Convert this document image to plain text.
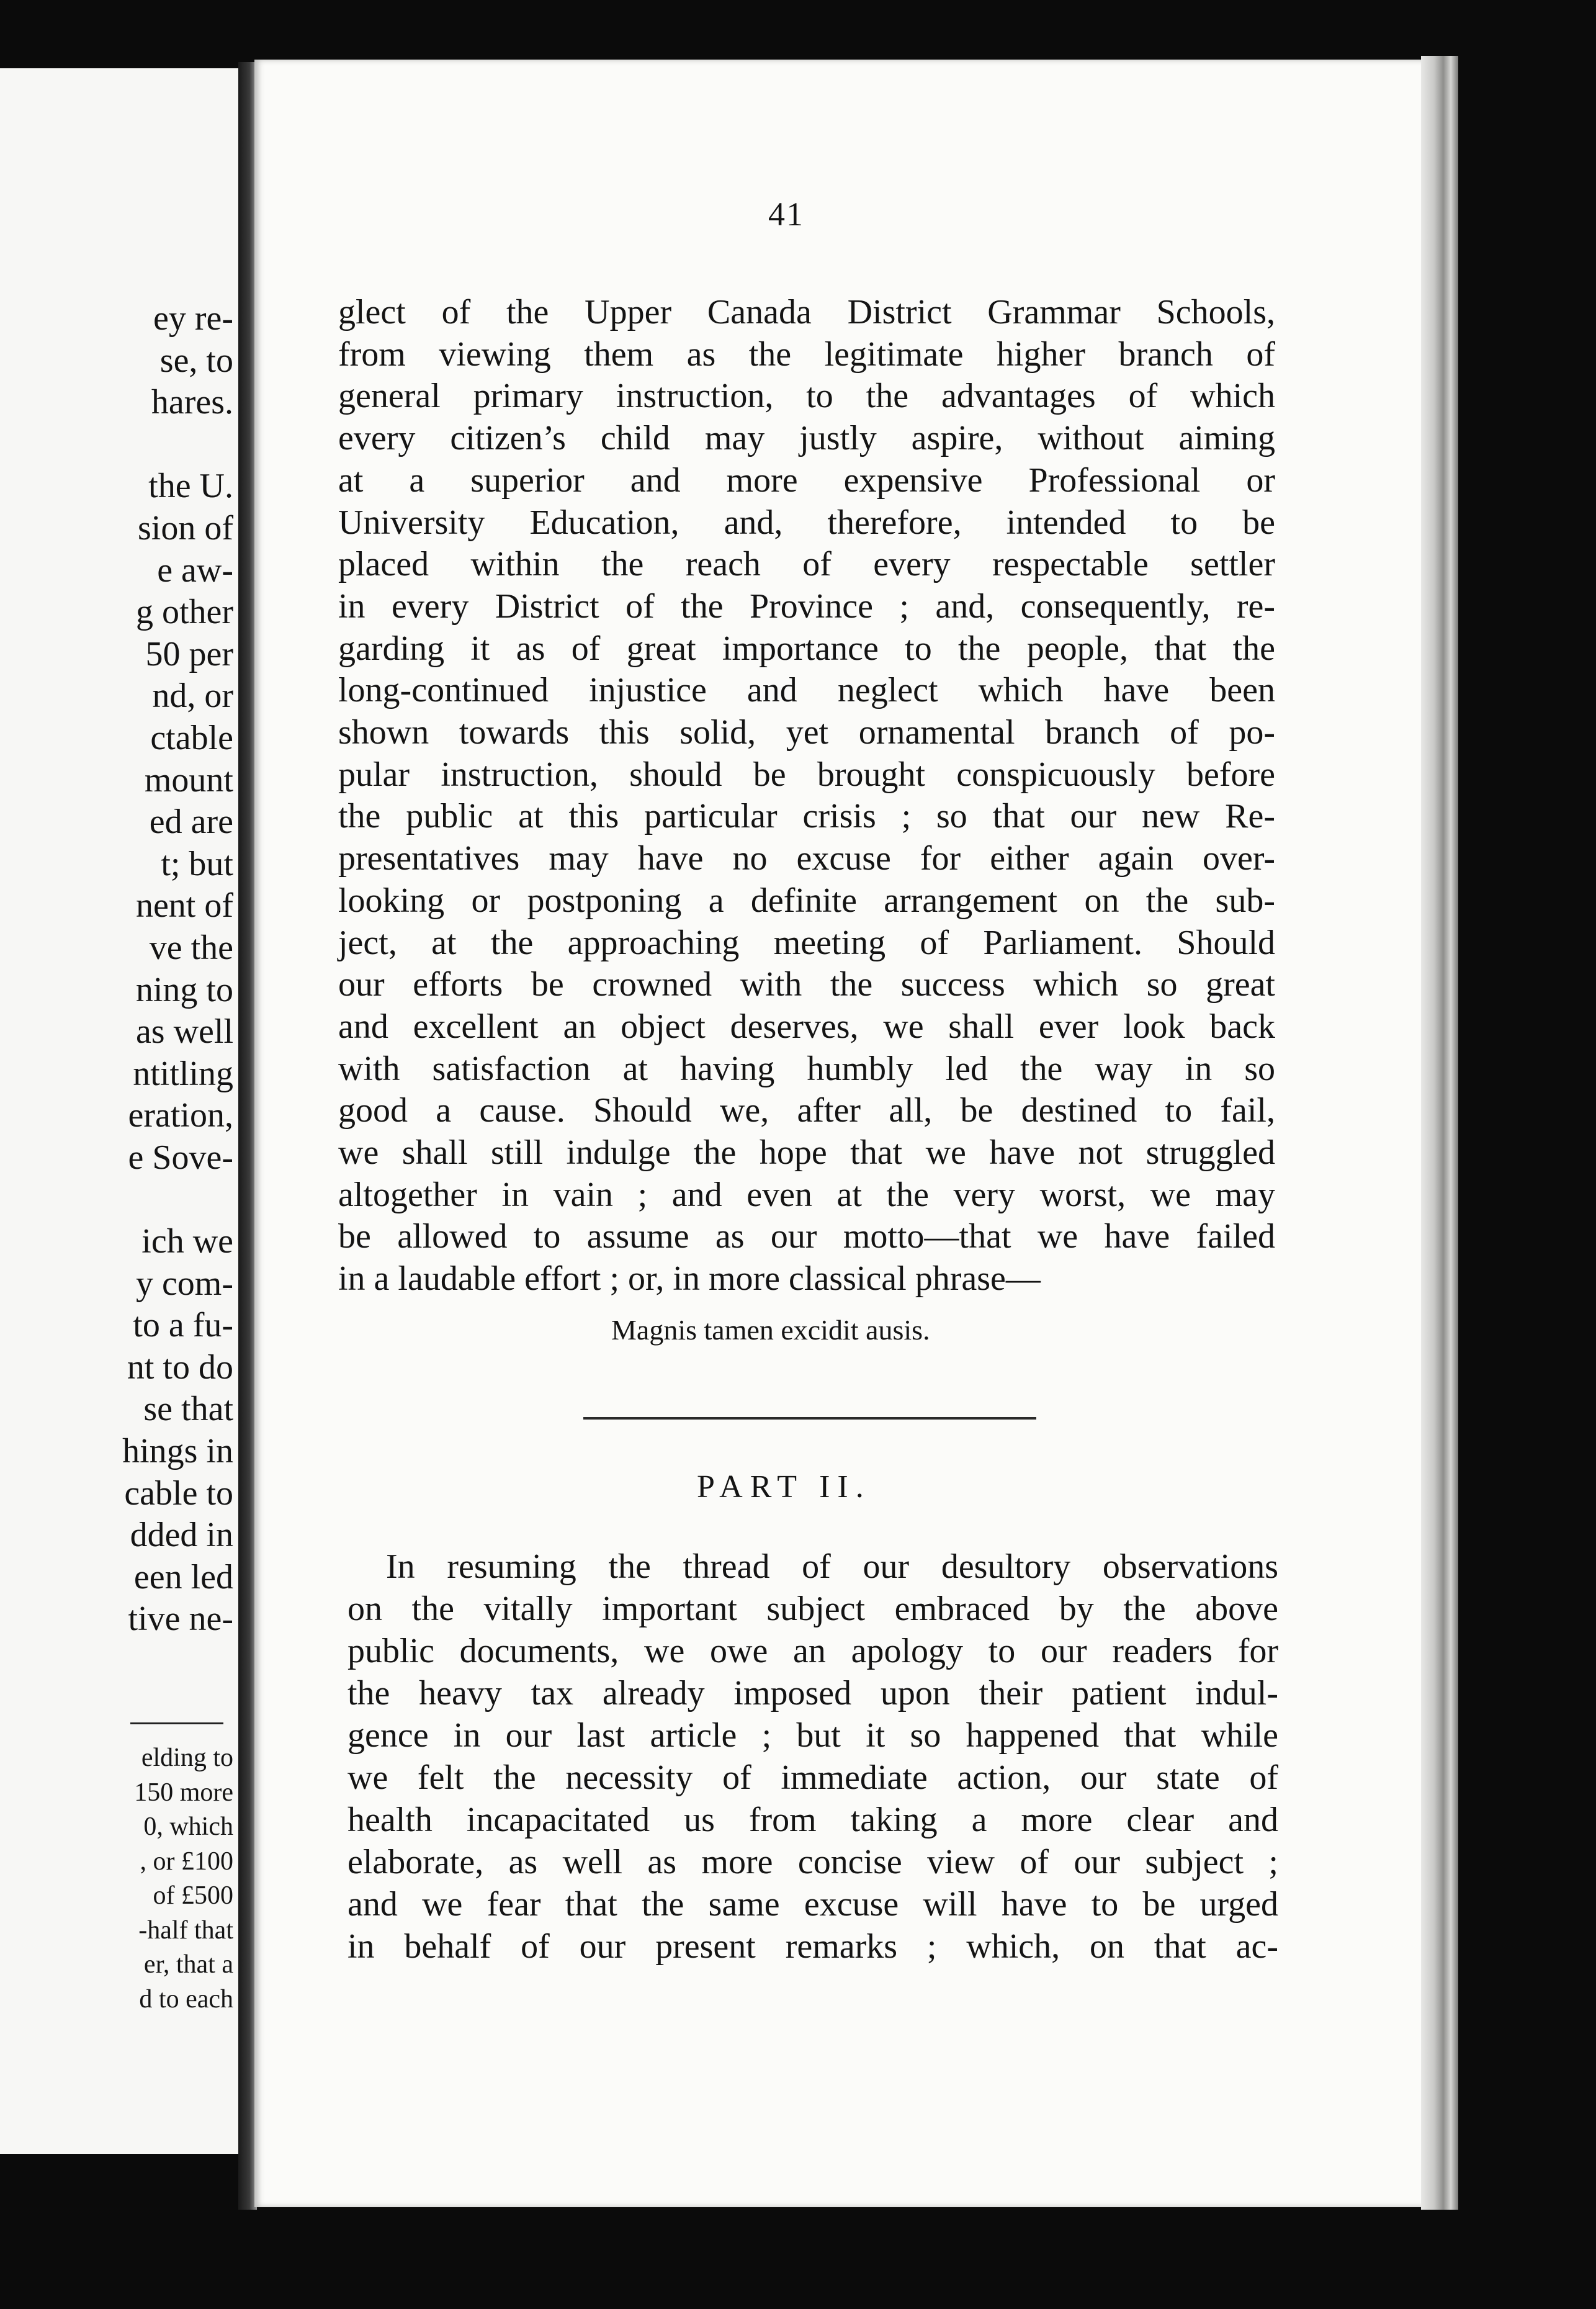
ey re-
se, to
hares.

the U.
sion of
e aw-
g other
50 per
nd, or
ctable
mount
ed are
t; but
nent of
ve the
ning to
as well
ntitling
eration,
e Sove-

ich we
y com-
to a fu-
nt to do
se that
hings in
cable to
dded in
een led
tive ne-
elding to
150 more
0, which
, or £100
of £500
-half that
er, that a
d to each
41
glect of the Upper Canada District Grammar Schools,
from viewing them as the legitimate higher branch of
general primary instruction, to the advantages of which
every citizen’s child may justly aspire, without aiming
at a superior and more expensive Professional or
University Education, and, therefore, intended to be
placed within the reach of every respectable settler
in every District of the Province ; and, consequently, re-
garding it as of great importance to the people, that the
long-continued injustice and neglect which have been
shown towards this solid, yet ornamental branch of po-
pular instruction, should be brought conspicuously before
the public at this particular crisis ; so that our new Re-
presentatives may have no excuse for either again over-
looking or postponing a definite arrangement on the sub-
ject, at the approaching meeting of Parliament. Should
our efforts be crowned with the success which so great
and excellent an object deserves, we shall ever look back
with satisfaction at having humbly led the way in so
good a cause. Should we, after all, be destined to fail,
we shall still indulge the hope that we have not struggled
altogether in vain ; and even at the very worst, we may
be allowed to assume as our motto—that we have failed
in a laudable effort ; or, in more classical phrase—
Magnis tamen excidit ausis.
PART II.
In resuming the thread of our desultory observations
on the vitally important subject embraced by the above
public documents, we owe an apology to our readers for
the heavy tax already imposed upon their patient indul-
gence in our last article ; but it so happened that while
we felt the necessity of immediate action, our state of
health incapacitated us from taking a more clear and
elaborate, as well as more concise view of our subject ;
and we fear that the same excuse will have to be urged
in behalf of our present remarks ; which, on that ac-
